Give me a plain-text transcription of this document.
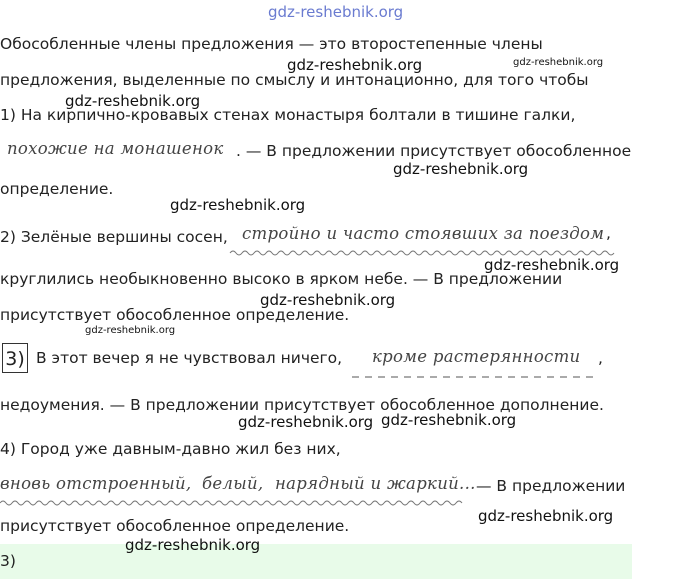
gdz-reshebnik.org
gdz-reshebnik.org	gdz-reshebnik.org
gdz-reshebnik.org
gdz-reshebnik.org
gdz-reshebnik.org
gdz-reshebnik.org
gdz-reshebnik.org
gdz-reshebnik.org
gdz-reshebnik.org gdz-reshebnik.org
gdz-reshebnik.org
gdz-reshebnik.org
Обособленные члены предложения — это второстепенные члены
предложения, выделенные по смыслу и интонационно, для того чтобы
1) На кирпично-кровавых стенах монастыря болтали в тишине галки,
похожие на монашенок . — В предложении присутствует обособленное
определение.
2) Зелёные вершины сосен, стройно и часто стоявших за поездом ,
круглились необыкновенно высоко в ярком небе. — В предложении
присутствует обособленное определение.
3) В этот вечер я не чувствовал ничего, кроме растерянности ,
недоумения. — В предложении присутствует обособленное дополнение.
4) Город уже давным-давно жил без них,
вновь отстроенный, белый, нарядный и жаркий... — В предложении
присутствует обособленное определение.
3)
